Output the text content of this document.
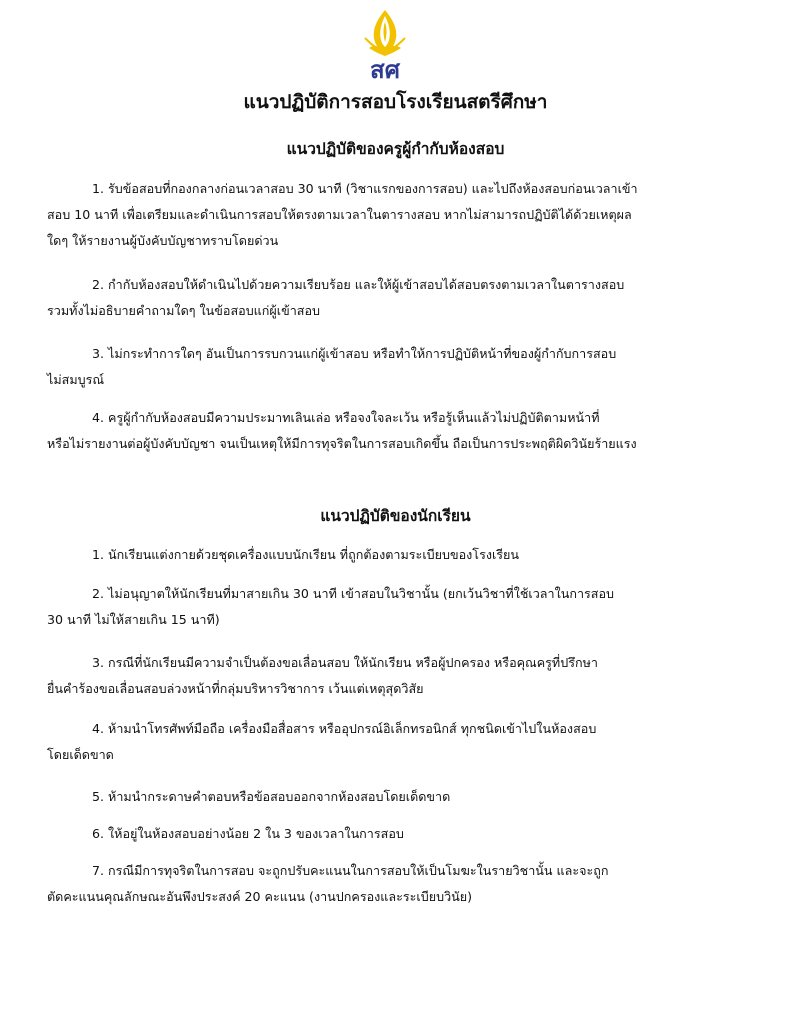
สศ
แนวปฏิบัติการสอบโรงเรียนสตรีศึกษา
แนวปฏิบัติของครูผู้กำกับห้องสอบ

1. รับข้อสอบที่กองกลางก่อนเวลาสอบ 30 นาที (วิชาแรกของการสอบ) และไปถึงห้องสอบก่อนเวลาเข้า
สอบ 10 นาที เพื่อเตรียมและดำเนินการสอบให้ตรงตามเวลาในตารางสอบ หากไม่สามารถปฏิบัติได้ด้วยเหตุผล
ใดๆ ให้รายงานผู้บังคับบัญชาทราบโดยด่วน

2. กำกับห้องสอบให้ดำเนินไปด้วยความเรียบร้อย และให้ผู้เข้าสอบได้สอบตรงตามเวลาในตารางสอบ
รวมทั้งไม่อธิบายคำถามใดๆ ในข้อสอบแก่ผู้เข้าสอบ

3. ไม่กระทำการใดๆ อันเป็นการรบกวนแก่ผู้เข้าสอบ หรือทำให้การปฏิบัติหน้าที่ของผู้กำกับการสอบ
ไม่สมบูรณ์

4. ครูผู้กำกับห้องสอบมีความประมาทเลินเล่อ หรือจงใจละเว้น หรือรู้เห็นแล้วไม่ปฏิบัติตามหน้าที่
หรือไม่รายงานต่อผู้บังคับบัญชา จนเป็นเหตุให้มีการทุจริตในการสอบเกิดขึ้น ถือเป็นการประพฤติผิดวินัยร้ายแรง

แนวปฏิบัติของนักเรียน

1. นักเรียนแต่งกายด้วยชุดเครื่องแบบนักเรียน ที่ถูกต้องตามระเบียบของโรงเรียน

2. ไม่อนุญาตให้นักเรียนที่มาสายเกิน 30 นาที เข้าสอบในวิชานั้น (ยกเว้นวิชาที่ใช้เวลาในการสอบ
30 นาที ไม่ให้สายเกิน 15 นาที)

3. กรณีที่นักเรียนมีความจำเป็นต้องขอเลื่อนสอบ ให้นักเรียน หรือผู้ปกครอง หรือคุณครูที่ปรึกษา
ยื่นคำร้องขอเลื่อนสอบล่วงหน้าที่กลุ่มบริหารวิชาการ เว้นแต่เหตุสุดวิสัย

4. ห้ามนำโทรศัพท์มือถือ เครื่องมือสื่อสาร หรืออุปกรณ์อิเล็กทรอนิกส์ ทุกชนิดเข้าไปในห้องสอบ
โดยเด็ดขาด

5. ห้ามนำกระดาษคำตอบหรือข้อสอบออกจากห้องสอบโดยเด็ดขาด

6. ให้อยู่ในห้องสอบอย่างน้อย 2 ใน 3 ของเวลาในการสอบ

7. กรณีมีการทุจริตในการสอบ จะถูกปรับคะแนนในการสอบให้เป็นโมฆะในรายวิชานั้น และจะถูก
ตัดคะแนนคุณลักษณะอันพึงประสงค์ 20 คะแนน (งานปกครองและระเบียบวินัย)
